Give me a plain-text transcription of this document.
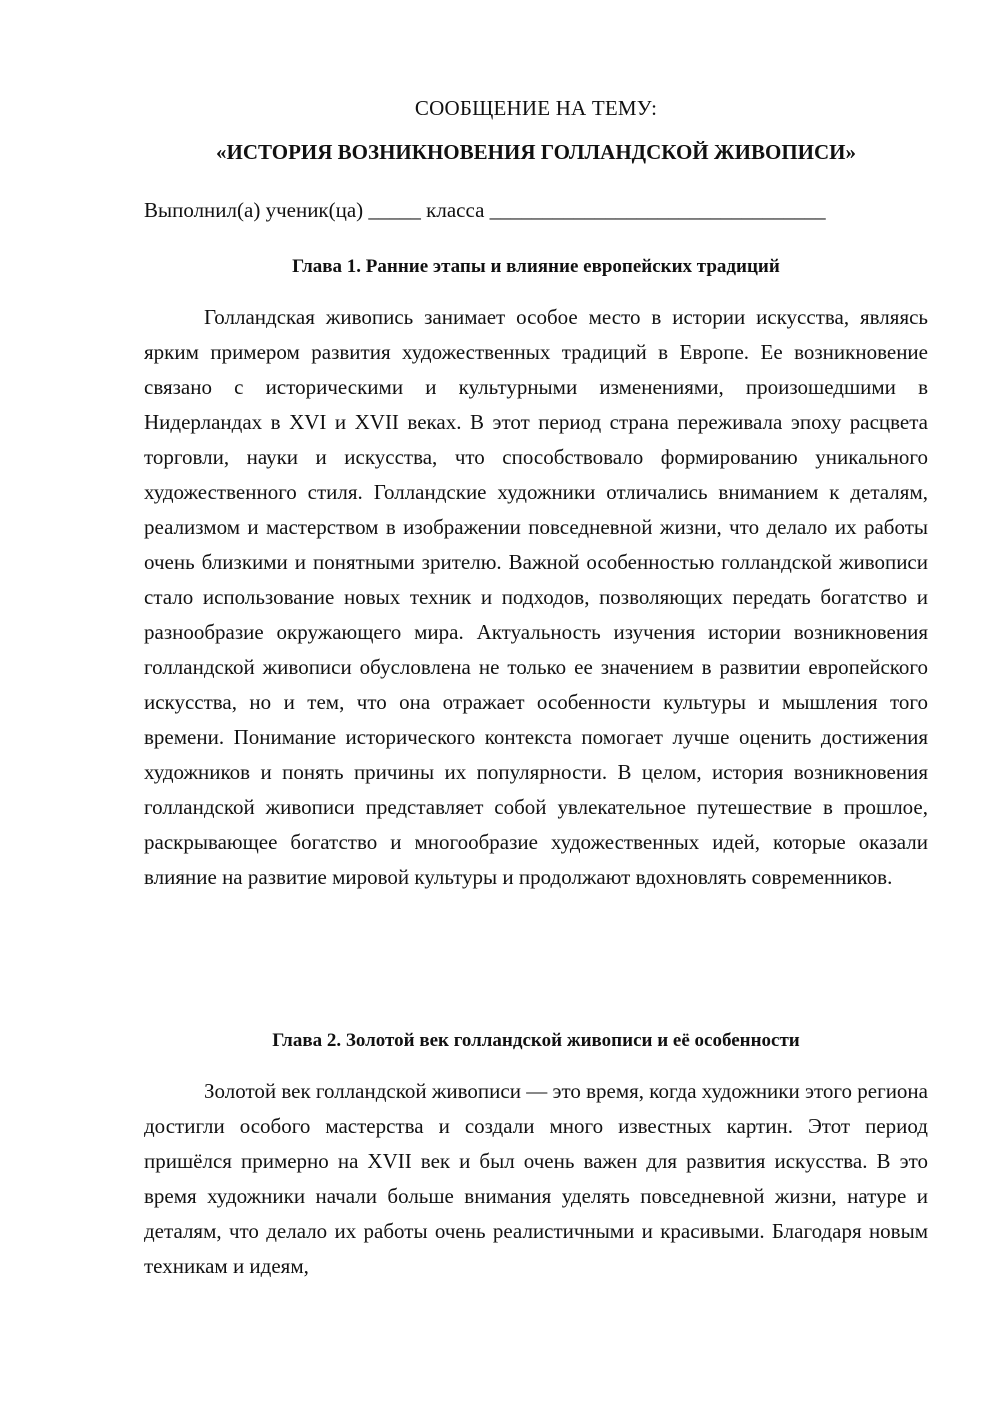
СООБЩЕНИЕ НА ТЕМУ:
«ИСТОРИЯ ВОЗНИКНОВЕНИЯ ГОЛЛАНДСКОЙ ЖИВОПИСИ»
Выполнил(а) ученик(ца) _____ класса ________________________________
Глава 1. Ранние этапы и влияние европейских традиций

Голландская живопись занимает особое место в истории искусства, являясь ярким примером развития художественных традиций в Европе. Ее возникновение связано с историческими и культурными изменениями, произошедшими в Нидерландах в XVI и XVII веках. В этот период страна переживала эпоху расцвета торговли, науки и искусства, что способствовало формированию уникального художественного стиля. Голландские художники отличались вниманием к деталям, реализмом и мастерством в изображении повседневной жизни, что делало их работы очень близкими и понятными зрителю. Важной особенностью голландской живописи стало использование новых техник и подходов, позволяющих передать богатство и разнообразие окружающего мира. Актуальность изучения истории возникновения голландской живописи обусловлена не только ее значением в развитии европейского искусства, но и тем, что она отражает особенности культуры и мышления того времени. Понимание исторического контекста помогает лучше оценить достижения художников и понять причины их популярности. В целом, история возникновения голландской живописи представляет собой увлекательное путешествие в прошлое, раскрывающее богатство и многообразие художественных идей, которые оказали влияние на развитие мировой культуры и продолжают вдохновлять современников.

Глава 2. Золотой век голландской живописи и её особенности

Золотой век голландской живописи — это время, когда художники этого региона достигли особого мастерства и создали много известных картин. Этот период пришёлся примерно на XVII век и был очень важен для развития искусства. В это время художники начали больше внимания уделять повседневной жизни, натуре и деталям, что делало их работы очень реалистичными и красивыми. Благодаря новым техникам и идеям,
